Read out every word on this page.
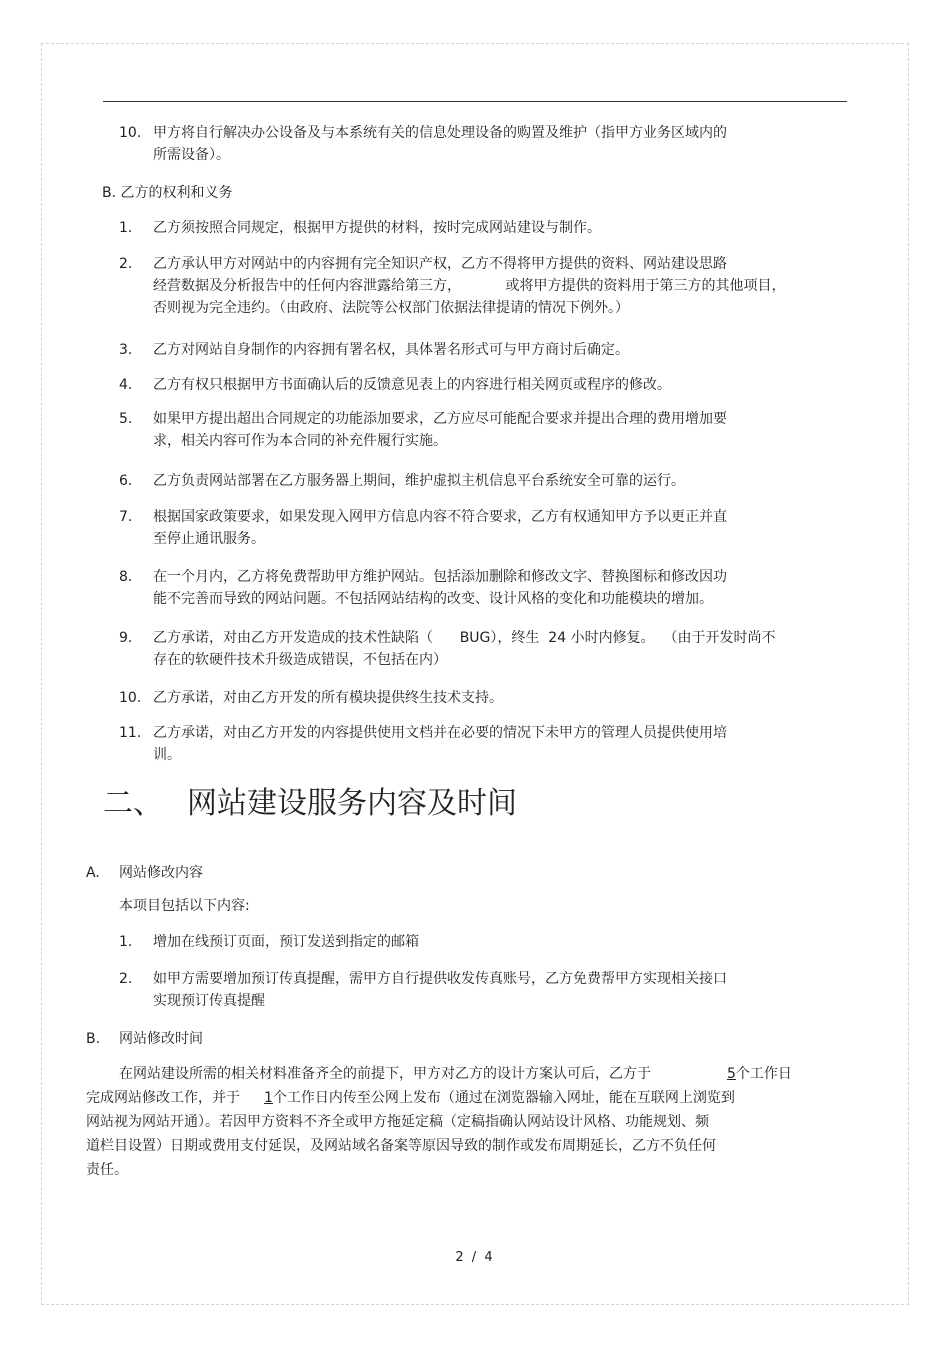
10. 甲方将自行解决办公设备及与本系统有关的信息处理设备的购置及维护（指甲方业务区域内的
所需设备）。
B. 乙方的权利和义务
1. 乙方须按照合同规定，根据甲方提供的材料，按时完成网站建设与制作。
2. 乙方承认甲方对网站中的内容拥有完全知识产权，乙方不得将甲方提供的资料、网站建设思路
经营数据及分析报告中的任何内容泄露给第三方，          或将甲方提供的资料用于第三方的其他项目，
否则视为完全违约。（由政府、法院等公权部门依据法律提请的情况下例外。）
3. 乙方对网站自身制作的内容拥有署名权，具体署名形式可与甲方商讨后确定。
4. 乙方有权只根据甲方书面确认后的反馈意见表上的内容进行相关网页或程序的修改。
5. 如果甲方提出超出合同规定的功能添加要求，乙方应尽可能配合要求并提出合理的费用增加要
求，相关内容可作为本合同的补充件履行实施。
6. 乙方负责网站部署在乙方服务器上期间，维护虚拟主机信息平台系统安全可靠的运行。
7. 根据国家政策要求，如果发现入网甲方信息内容不符合要求，乙方有权通知甲方予以更正并直
至停止通讯服务。
8. 在一个月内，乙方将免费帮助甲方维护网站。包括添加删除和修改文字、替换图标和修改因功
能不完善而导致的网站问题。不包括网站结构的改变、设计风格的变化和功能模块的增加。
9. 乙方承诺，对由乙方开发造成的技术性缺陷（      BUG），终生  24 小时内修复。  （由于开发时尚不
存在的软硬件技术升级造成错误，不包括在内）
10. 乙方承诺，对由乙方开发的所有模块提供终生技术支持。
11. 乙方承诺，对由乙方开发的内容提供使用文档并在必要的情况下未甲方的管理人员提供使用培
训。
二、 网站建设服务内容及时间
A. 网站修改内容
本项目包括以下内容:
1. 增加在线预订页面，预订发送到指定的邮箱
2. 如甲方需要增加预订传真提醒，需甲方自行提供收发传真账号，乙方免费帮甲方实现相关接口
实现预订传真提醒
B. 网站修改时间
在网站建设所需的相关材料准备齐全的前提下，甲方对乙方的设计方案认可后，乙方于	5个工作日
完成网站修改工作，并于 1个工作日内传至公网上发布（通过在浏览器输入网址，能在互联网上浏览到
网站视为网站开通）。若因甲方资料不齐全或甲方拖延定稿（定稿指确认网站设计风格、功能规划、频
道栏目设置）日期或费用支付延误，及网站域名备案等原因导致的制作或发布周期延长，乙方不负任何
责任。
2 / 4
